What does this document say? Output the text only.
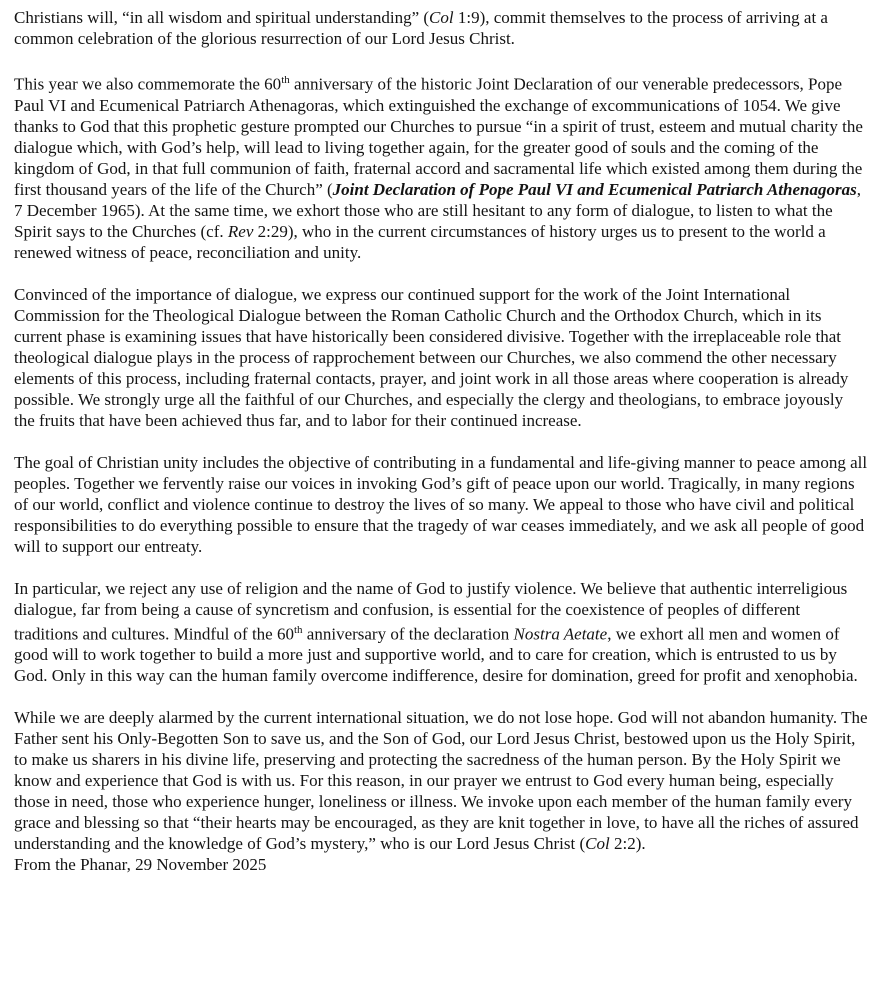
Christians will, “in all wisdom and spiritual understanding” (Col 1:9), commit themselves to the process of arriving at a common celebration of the glorious resurrection of our Lord Jesus Christ.

This year we also commemorate the 60th anniversary of the historic Joint Declaration of our venerable predecessors, Pope Paul VI and Ecumenical Patriarch Athenagoras, which extinguished the exchange of excommunications of 1054. We give thanks to God that this prophetic gesture prompted our Churches to pursue “in a spirit of trust, esteem and mutual charity the dialogue which, with God’s help, will lead to living together again, for the greater good of souls and the coming of the kingdom of God, in that full communion of faith, fraternal accord and sacramental life which existed among them during the first thousand years of the life of the Church” (Joint Declaration of Pope Paul VI and Ecumenical Patriarch Athenagoras, 7 December 1965). At the same time, we exhort those who are still hesitant to any form of dialogue, to listen to what the Spirit says to the Churches (cf. Rev 2:29), who in the current circumstances of history urges us to present to the world a renewed witness of peace, reconciliation and unity.

Convinced of the importance of dialogue, we express our continued support for the work of the Joint International Commission for the Theological Dialogue between the Roman Catholic Church and the Orthodox Church, which in its current phase is examining issues that have historically been considered divisive. Together with the irreplaceable role that theological dialogue plays in the process of rapprochement between our Churches, we also commend the other necessary elements of this process, including fraternal contacts, prayer, and joint work in all those areas where cooperation is already possible. We strongly urge all the faithful of our Churches, and especially the clergy and theologians, to embrace joyously the fruits that have been achieved thus far, and to labor for their continued increase.

The goal of Christian unity includes the objective of contributing in a fundamental and life-giving manner to peace among all peoples. Together we fervently raise our voices in invoking God’s gift of peace upon our world. Tragically, in many regions of our world, conflict and violence continue to destroy the lives of so many. We appeal to those who have civil and political responsibilities to do everything possible to ensure that the tragedy of war ceases immediately, and we ask all people of good will to support our entreaty.

In particular, we reject any use of religion and the name of God to justify violence. We believe that authentic interreligious dialogue, far from being a cause of syncretism and confusion, is essential for the coexistence of peoples of different traditions and cultures. Mindful of the 60th anniversary of the declaration Nostra Aetate, we exhort all men and women of good will to work together to build a more just and supportive world, and to care for creation, which is entrusted to us by God. Only in this way can the human family overcome indifference, desire for domination, greed for profit and xenophobia.

While we are deeply alarmed by the current international situation, we do not lose hope. God will not abandon humanity. The Father sent his Only-Begotten Son to save us, and the Son of God, our Lord Jesus Christ, bestowed upon us the Holy Spirit, to make us sharers in his divine life, preserving and protecting the sacredness of the human person. By the Holy Spirit we know and experience that God is with us. For this reason, in our prayer we entrust to God every human being, especially those in need, those who experience hunger, loneliness or illness. We invoke upon each member of the human family every grace and blessing so that “their hearts may be encouraged, as they are knit together in love, to have all the riches of assured understanding and the knowledge of God’s mystery,” who is our Lord Jesus Christ (Col 2:2).

From the Phanar, 29 November 2025
